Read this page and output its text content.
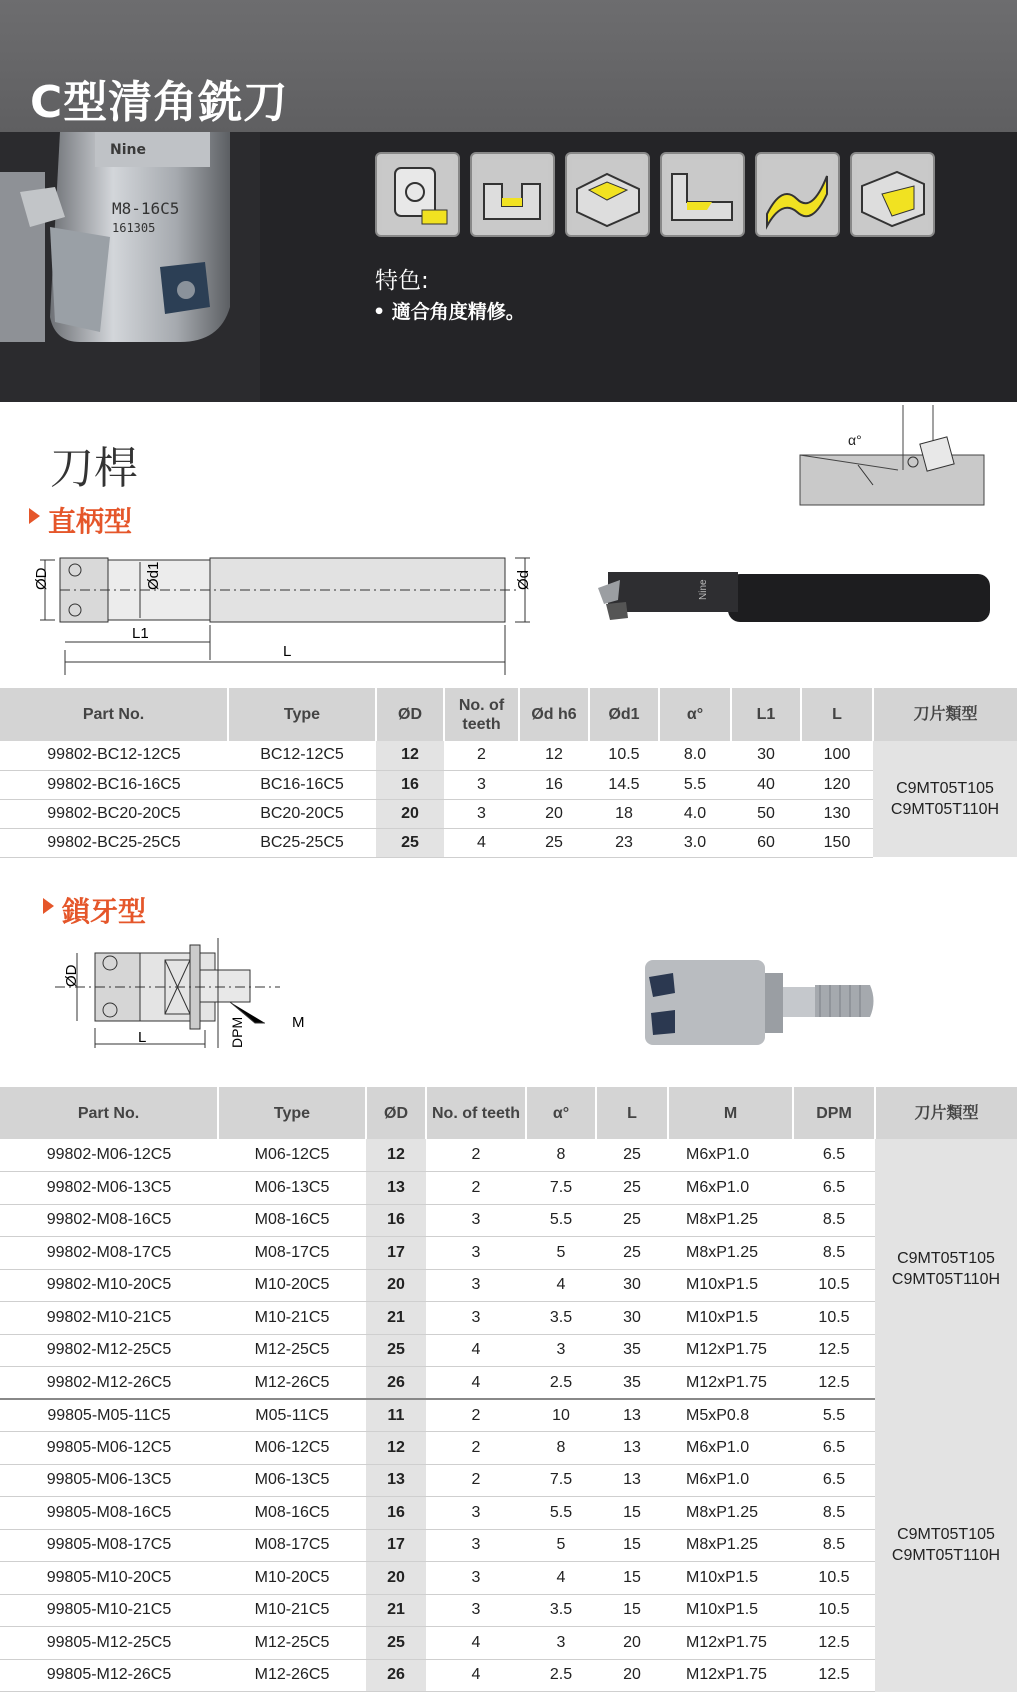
C型清角銑刀
Nine
M8-16C5
161305
特色:
• 適合角度精修。
刀桿
α°
直柄型
ØD	Ød1	Ød
L1
L
Nine
Part No.	Type	ØD	No. of teeth	Ød h6	Ød1	α°	L1	L	刀片類型
99802-BC12-12C5	BC12-12C5	12	2	12	10.5	8.0	30	100	C9MT05T105
C9MT05T110H

99802-BC16-16C5	BC16-16C5	16	3	16	14.5	5.5	40	120	
99802-BC20-20C5	BC20-20C5	20	3	20	18	4.0	50	130	
99802-BC25-25C5	BC25-25C5	25	4	25	23	3.0	60	150	
鎖牙型
ØD
L	DPM	M
Part No.	Type	ØD	No. of teeth	α°	L	M	DPM	刀片類型
99802-M06-12C5	M06-12C5	12	2	8	25	M6xP1.0	6.5	C9MT05T105
C9MT05T110H

99802-M06-13C5	M06-13C5	13	2	7.5	25	M6xP1.0	6.5	
99802-M08-16C5	M08-16C5	16	3	5.5	25	M8xP1.25	8.5	
99802-M08-17C5	M08-17C5	17	3	5	25	M8xP1.25	8.5	
99802-M10-20C5	M10-20C5	20	3	4	30	M10xP1.5	10.5	
99802-M10-21C5	M10-21C5	21	3	3.5	30	M10xP1.5	10.5	
99802-M12-25C5	M12-25C5	25	4	3	35	M12xP1.75	12.5	
99802-M12-26C5	M12-26C5	26	4	2.5	35	M12xP1.75	12.5	
99805-M05-11C5	M05-11C5	11	2	10	13	M5xP0.8	5.5	C9MT05T105
C9MT05T110H

99805-M06-12C5	M06-12C5	12	2	8	13	M6xP1.0	6.5	
99805-M06-13C5	M06-13C5	13	2	7.5	13	M6xP1.0	6.5	
99805-M08-16C5	M08-16C5	16	3	5.5	15	M8xP1.25	8.5	
99805-M08-17C5	M08-17C5	17	3	5	15	M8xP1.25	8.5	
99805-M10-20C5	M10-20C5	20	3	4	15	M10xP1.5	10.5	
99805-M10-21C5	M10-21C5	21	3	3.5	15	M10xP1.5	10.5	
99805-M12-25C5	M12-25C5	25	4	3	20	M12xP1.75	12.5	
99805-M12-26C5	M12-26C5	26	4	2.5	20	M12xP1.75	12.5	
